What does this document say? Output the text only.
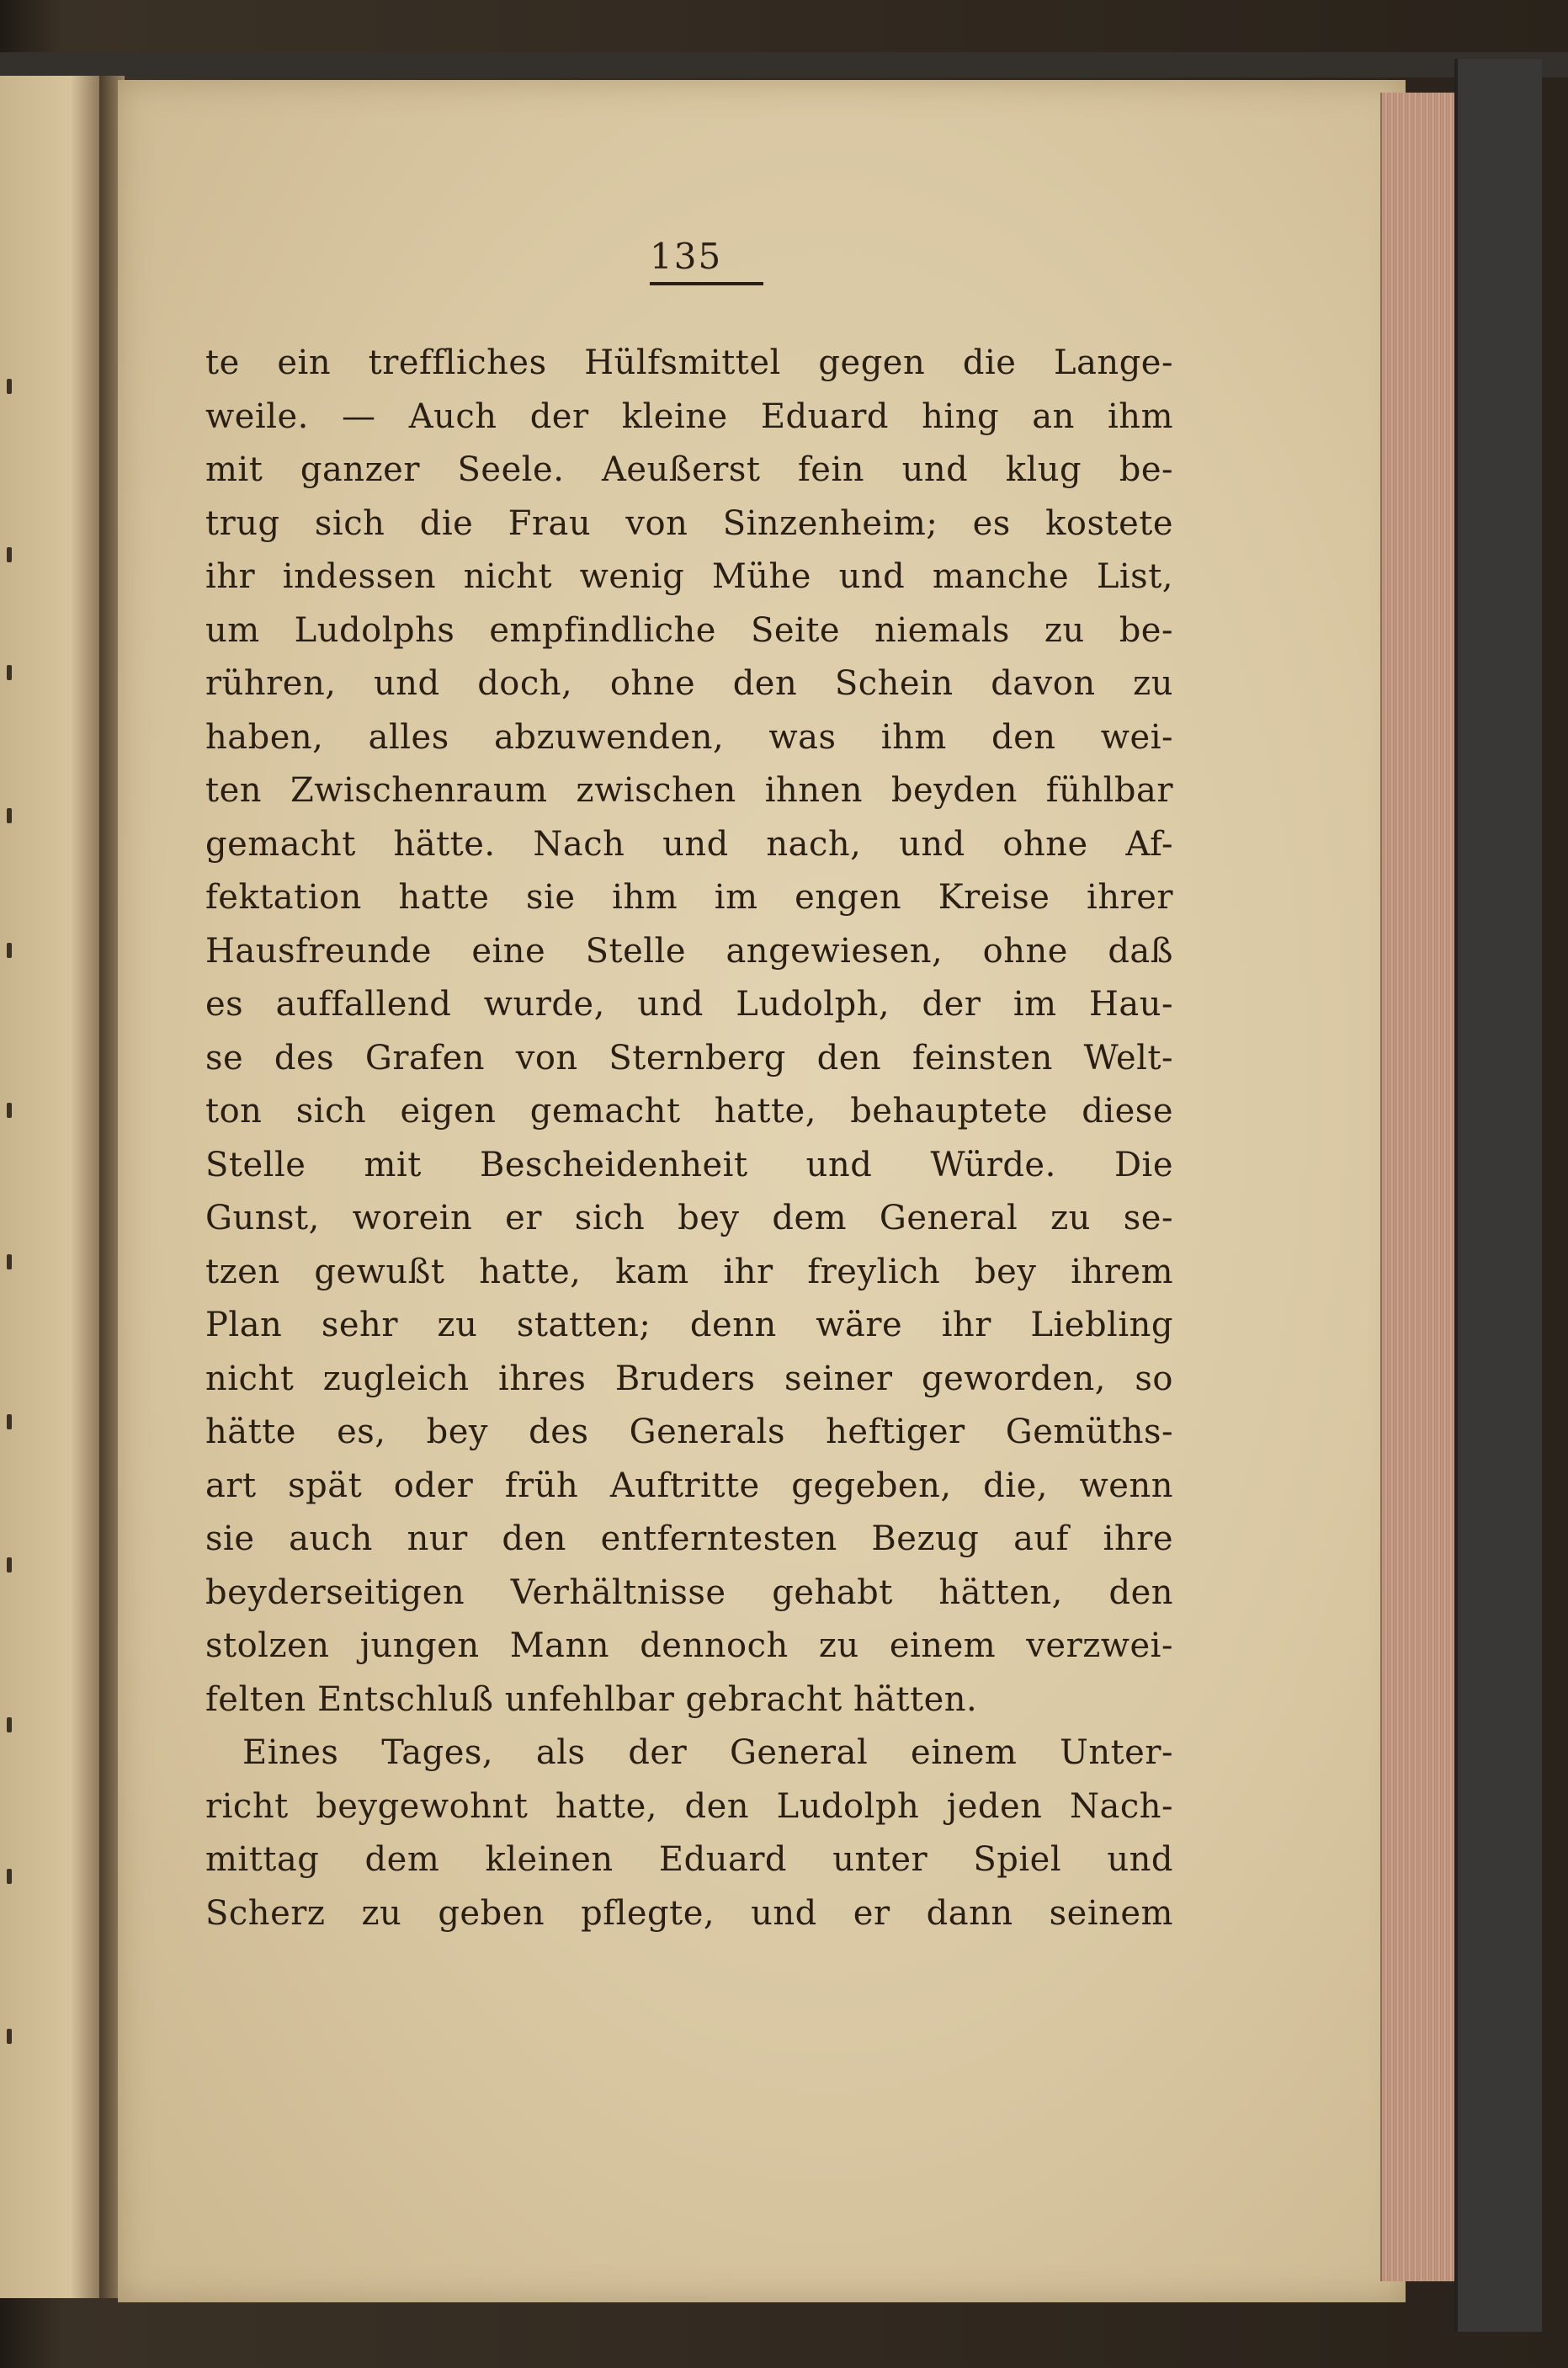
135
te ein treffliches Hülfsmittel gegen die Lange-
weile. — Auch der kleine Eduard hing an ihm
mit ganzer Seele. Aeußerst fein und klug be-
trug sich die Frau von Sinzenheim; es kostete
ihr indessen nicht wenig Mühe und manche List,
um Ludolphs empfindliche Seite niemals zu be-
rühren, und doch, ohne den Schein davon zu
haben, alles abzuwenden, was ihm den wei-
ten Zwischenraum zwischen ihnen beyden fühlbar
gemacht hätte. Nach und nach, und ohne Af-
fektation hatte sie ihm im engen Kreise ihrer
Hausfreunde eine Stelle angewiesen, ohne daß
es auffallend wurde, und Ludolph, der im Hau-
se des Grafen von Sternberg den feinsten Welt-
ton sich eigen gemacht hatte, behauptete diese
Stelle mit Bescheidenheit und Würde. Die
Gunst, worein er sich bey dem General zu se-
tzen gewußt hatte, kam ihr freylich bey ihrem
Plan sehr zu statten; denn wäre ihr Liebling
nicht zugleich ihres Bruders seiner geworden, so
hätte es, bey des Generals heftiger Gemüths-
art spät oder früh Auftritte gegeben, die, wenn
sie auch nur den entferntesten Bezug auf ihre
beyderseitigen Verhältnisse gehabt hätten, den
stolzen jungen Mann dennoch zu einem verzwei-
felten Entschluß unfehlbar gebracht hätten.
Eines Tages, als der General einem Unter-
richt beygewohnt hatte, den Ludolph jeden Nach-
mittag dem kleinen Eduard unter Spiel und
Scherz zu geben pflegte, und er dann seinem
